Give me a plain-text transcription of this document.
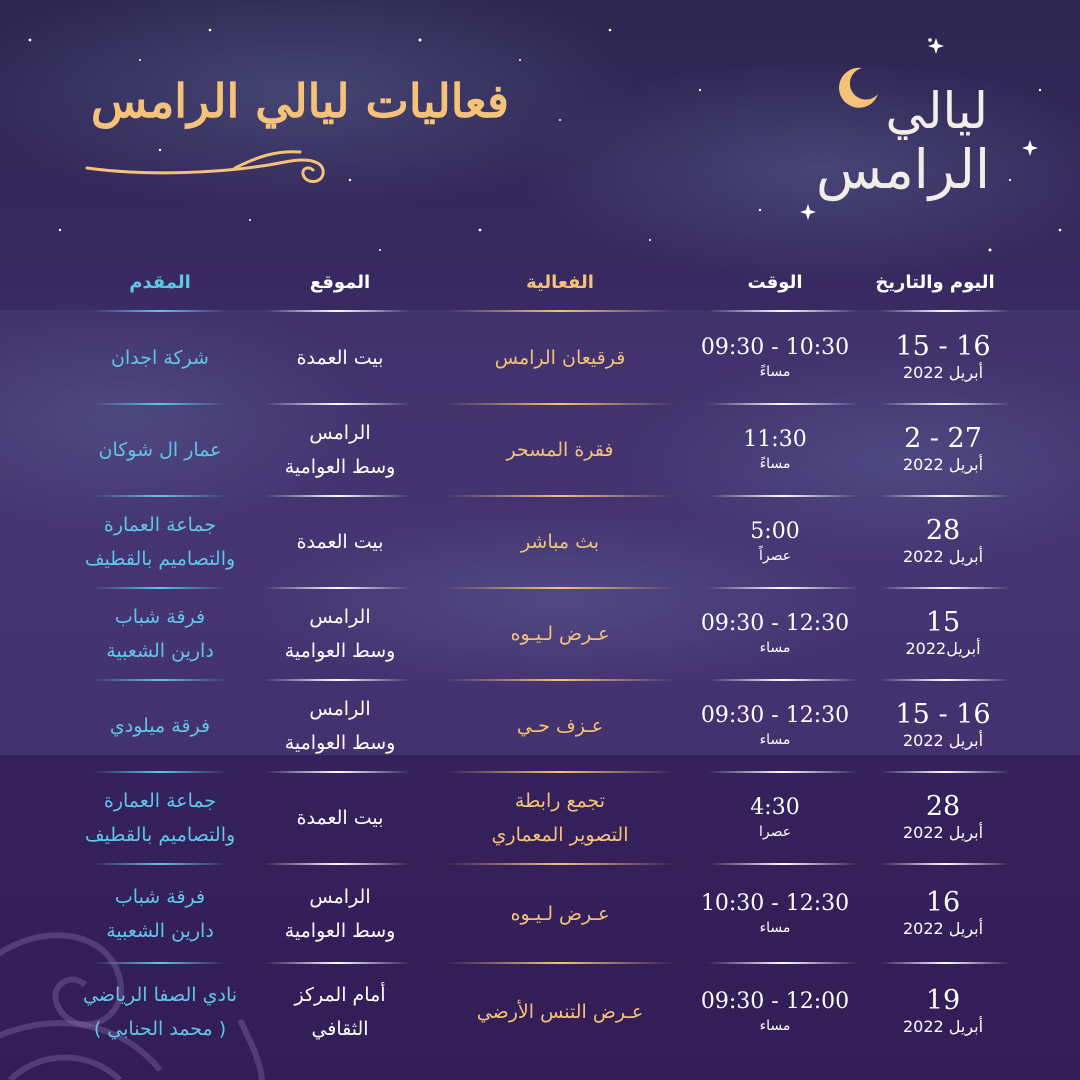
فعاليات ليالي الرامس	ليالي
الرامس
اليوم والتاريخ
الوقت
الفعالية
الموقع
المقدم
15 - 16
أبريل 2022
09:30 - 10:30
مساءً
قرقيعان الرامس
بيت العمدة
شركة اجدان
2 - 27
أبريل 2022
11:30
مساءً
فقرة المسحر
الرامس
وسط العوامية
عمار ال شوكان
28
أبريل 2022
5:00
عصراً
بث مباشر
بيت العمدة
جماعة العمارة
والتصاميم بالقطيف
15
أبريل2022
09:30 - 12:30
مساء
عـرض لـيـوه
الرامس
وسط العوامية
فرقة شباب
دارين الشعبية
15 - 16
أبريل 2022
09:30 - 12:30
مساء
عـزف حـي
الرامس
وسط العوامية
فرقة ميلودي
28
أبريل 2022
4:30
عصرا
تجمع رابطة
التصوير المعماري
بيت العمدة
جماعة العمارة
والتصاميم بالقطيف
16
أبريل 2022
10:30 - 12:30
مساء
عـرض لـيـوه
الرامس
وسط العوامية
فرقة شباب
دارين الشعبية
19
أبريل 2022
09:30 - 12:00
مساء
عـرض التنس الأرضي
أمام المركز الثقافي
نادي الصفا الرياضي
( محمد الحنابي )
